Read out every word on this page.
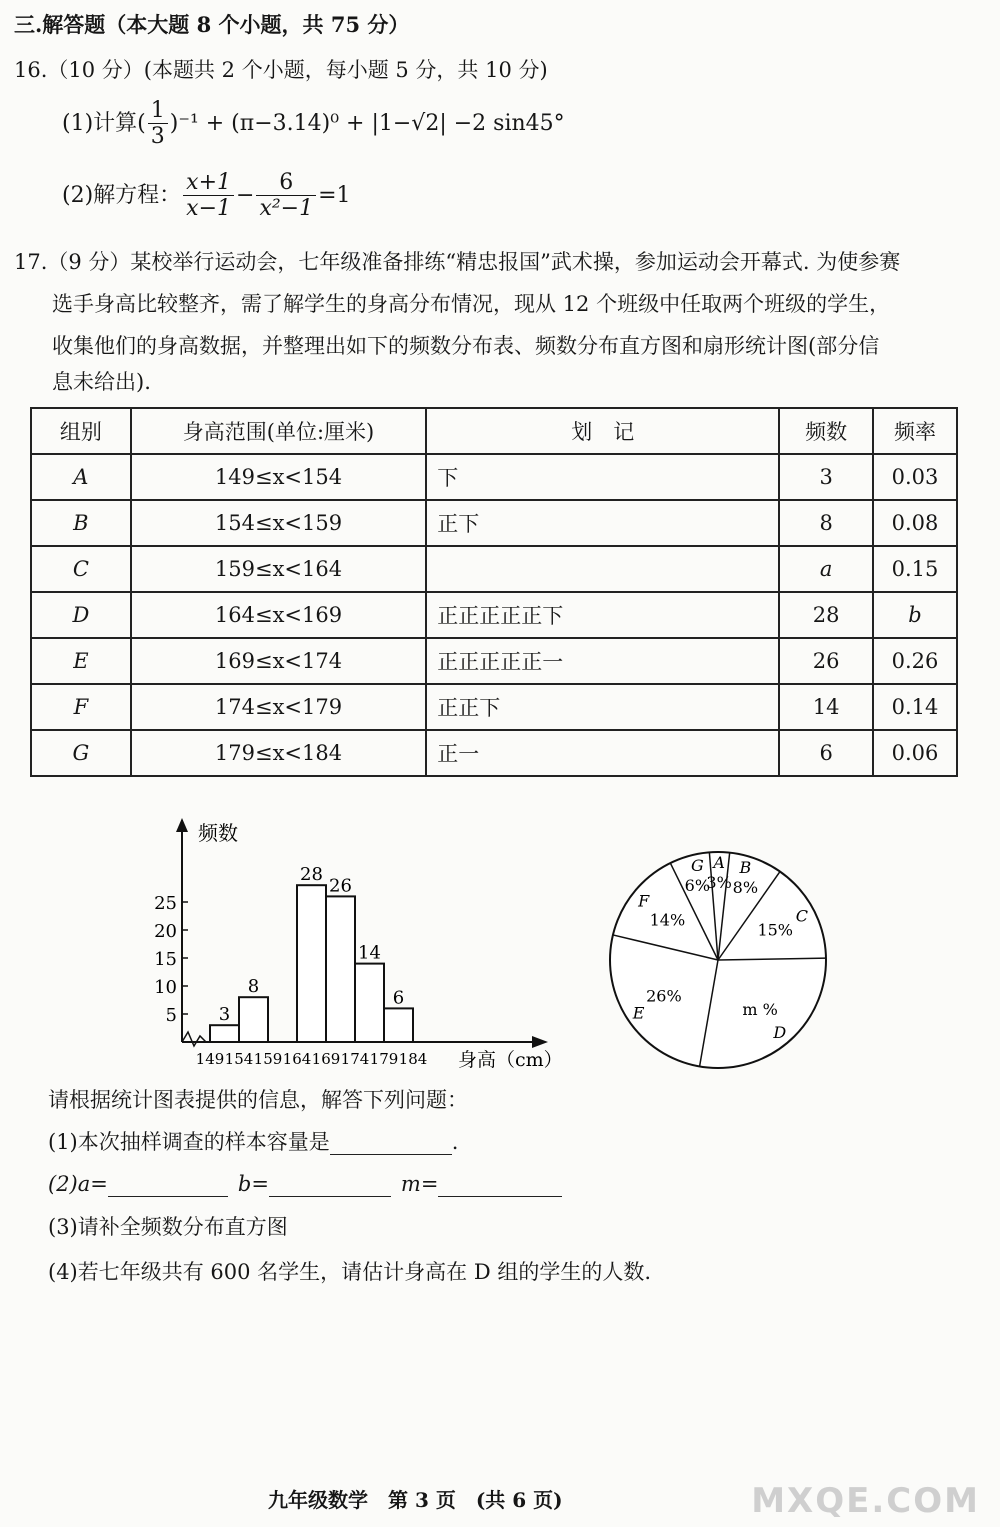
三.解答题（本大题 8 个小题，共 75 分）
16.（10 分）(本题共 2 个小题，每小题 5 分，共 10 分)
(1)计算( $\frac{1}{3} )^{-1} + (\pi-3.14)^0 + |1-√2| -2$ sin45°
(2)解方程： $\frac{x+1}{x-1} - \frac{6}{\text{x²−1}} =1$
17.（9 分）某校举行运动会，七年级准备排练“精忠报国”武术操，参加运动会开幕式. 为使参赛
选手身高比较整齐，需了解学生的身高分布情况，现从 12 个班级中任取两个班级的学生，
收集他们的身高数据，并整理出如下的频数分布表、频数分布直方图和扇形统计图(部分信
息未给出).
组别	身高范围(单位:厘米)	划　记	频数	频率
A	149≤x<154	下	3	0.03
B	154≤x<159	正下	8	0.08
C	159≤x<164		a	0.15
D	164≤x<169	正正正正正下	28	b
E	169≤x<174	正正正正正一	26	0.26
F	174≤x<179	正正下	14	0.14
G	179≤x<184	正一	6	0.06
5
10
15
20
25
149 154 159 164 169 174 179 184
3
8
28
26
14
6
频数
身高（cm）
A
3%
B
8%
C
15%
D
m %
E
26%
F
14%
G
6%
请根据统计图表提供的信息，解答下列问题：
(1)本次抽样调查的样本容量是	.
(2)a=	b=	m=
(3)请补全频数分布直方图
(4)若七年级共有 600 名学生，请估计身高在 D 组的学生的人数.
九年级数学　第 3 页　(共 6 页)	MXQE.COM
